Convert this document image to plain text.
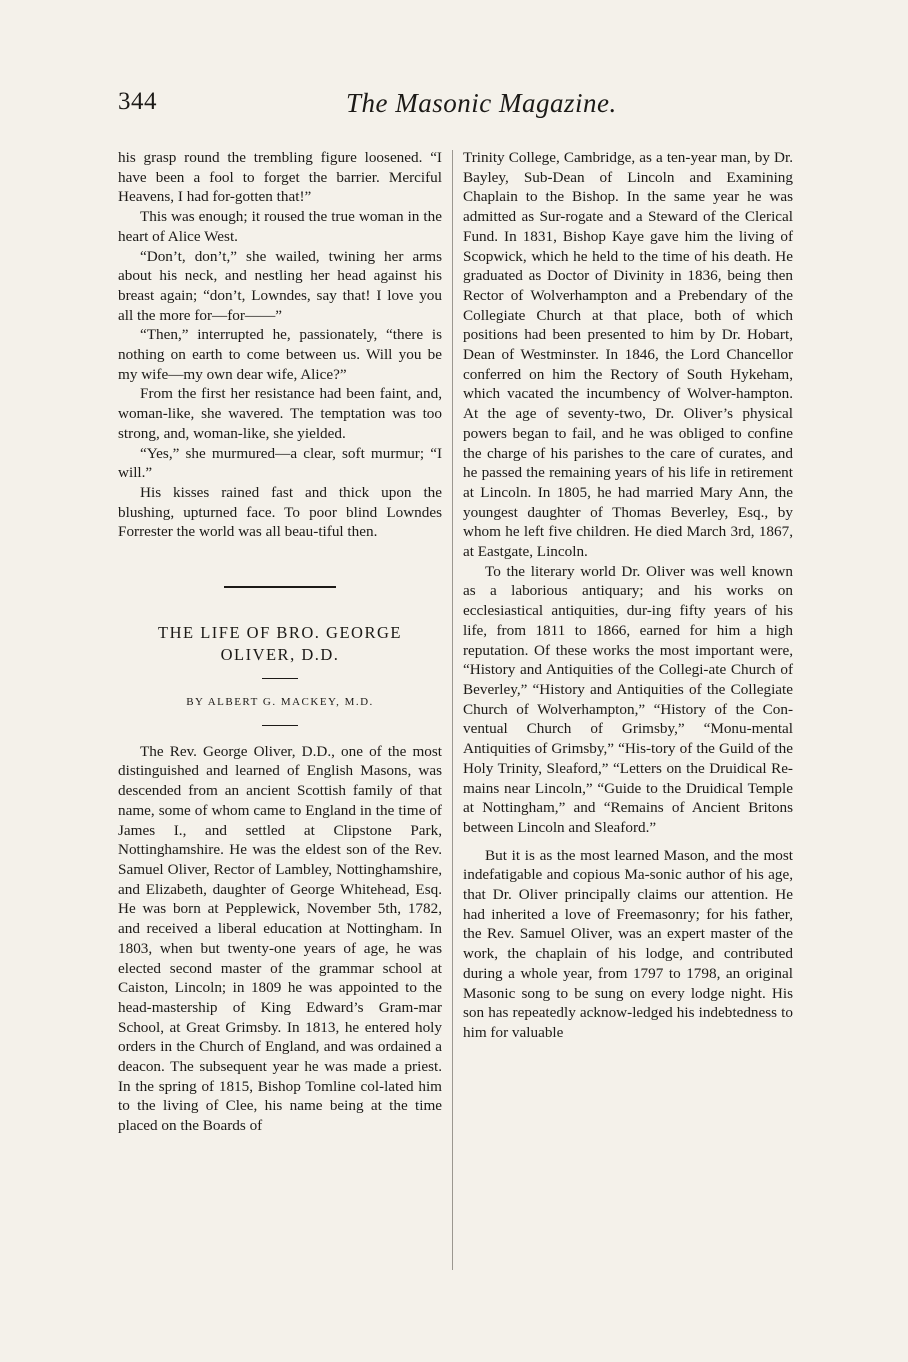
344	The Masonic Magazine.

his grasp round the trembling figure loosened. “I have been a fool to forget the barrier. Merciful Heavens, I had for-gotten that!”

This was enough; it roused the true woman in the heart of Alice West.

“Don’t, don’t,” she wailed, twining her arms about his neck, and nestling her head against his breast again; “don’t, Lowndes, say that! I love you all the more for—for——”

“Then,” interrupted he, passionately, “there is nothing on earth to come between us. Will you be my wife—my own dear wife, Alice?”

From the first her resistance had been faint, and, woman-like, she wavered. The temptation was too strong, and, woman-like, she yielded.

“Yes,” she murmured—a clear, soft murmur; “I will.”

His kisses rained fast and thick upon the blushing, upturned face. To poor blind Lowndes Forrester the world was all beau-tiful then.

THE LIFE OF BRO. GEORGE OLIVER, D.D.
BY ALBERT G. MACKEY, M.D.

The Rev. George Oliver, D.D., one of the most distinguished and learned of English Masons, was descended from an ancient Scottish family of that name, some of whom came to England in the time of James I., and settled at Clipstone Park, Nottinghamshire. He was the eldest son of the Rev. Samuel Oliver, Rector of Lambley, Nottinghamshire, and Elizabeth, daughter of George Whitehead, Esq. He was born at Pepplewick, November 5th, 1782, and received a liberal education at Nottingham. In 1803, when but twenty-one years of age, he was elected second master of the grammar school at Caiston, Lincoln; in 1809 he was appointed to the head-mastership of King Edward’s Gram-mar School, at Great Grimsby. In 1813, he entered holy orders in the Church of England, and was ordained a deacon. The subsequent year he was made a priest. In the spring of 1815, Bishop Tomline col-lated him to the living of Clee, his name being at the time placed on the Boards of

Trinity College, Cambridge, as a ten-year man, by Dr. Bayley, Sub-Dean of Lincoln and Examining Chaplain to the Bishop. In the same year he was admitted as Sur-rogate and a Steward of the Clerical Fund. In 1831, Bishop Kaye gave him the living of Scopwick, which he held to the time of his death. He graduated as Doctor of Divinity in 1836, being then Rector of Wolverhampton and a Prebendary of the Collegiate Church at that place, both of which positions had been presented to him by Dr. Hobart, Dean of Westminster. In 1846, the Lord Chancellor conferred on him the Rectory of South Hykeham, which vacated the incumbency of Wolver-hampton. At the age of seventy-two, Dr. Oliver’s physical powers began to fail, and he was obliged to confine the charge of his parishes to the care of curates, and he passed the remaining years of his life in retirement at Lincoln. In 1805, he had married Mary Ann, the youngest daughter of Thomas Beverley, Esq., by whom he left five children. He died March 3rd, 1867, at Eastgate, Lincoln.

To the literary world Dr. Oliver was well known as a laborious antiquary; and his works on ecclesiastical antiquities, dur-ing fifty years of his life, from 1811 to 1866, earned for him a high reputation. Of these works the most important were, “History and Antiquities of the Collegi-ate Church of Beverley,” “History and Antiquities of the Collegiate Church of Wolverhampton,” “History of the Con-ventual Church of Grimsby,” “Monu-mental Antiquities of Grimsby,” “His-tory of the Guild of the Holy Trinity, Sleaford,” “Letters on the Druidical Re-mains near Lincoln,” “Guide to the Druidical Temple at Nottingham,” and “Remains of Ancient Britons between Lincoln and Sleaford.”

But it is as the most learned Mason, and the most indefatigable and copious Ma-sonic author of his age, that Dr. Oliver principally claims our attention. He had inherited a love of Freemasonry; for his father, the Rev. Samuel Oliver, was an expert master of the work, the chaplain of his lodge, and contributed during a whole year, from 1797 to 1798, an original Masonic song to be sung on every lodge night. His son has repeatedly acknow-ledged his indebtedness to him for valuable
